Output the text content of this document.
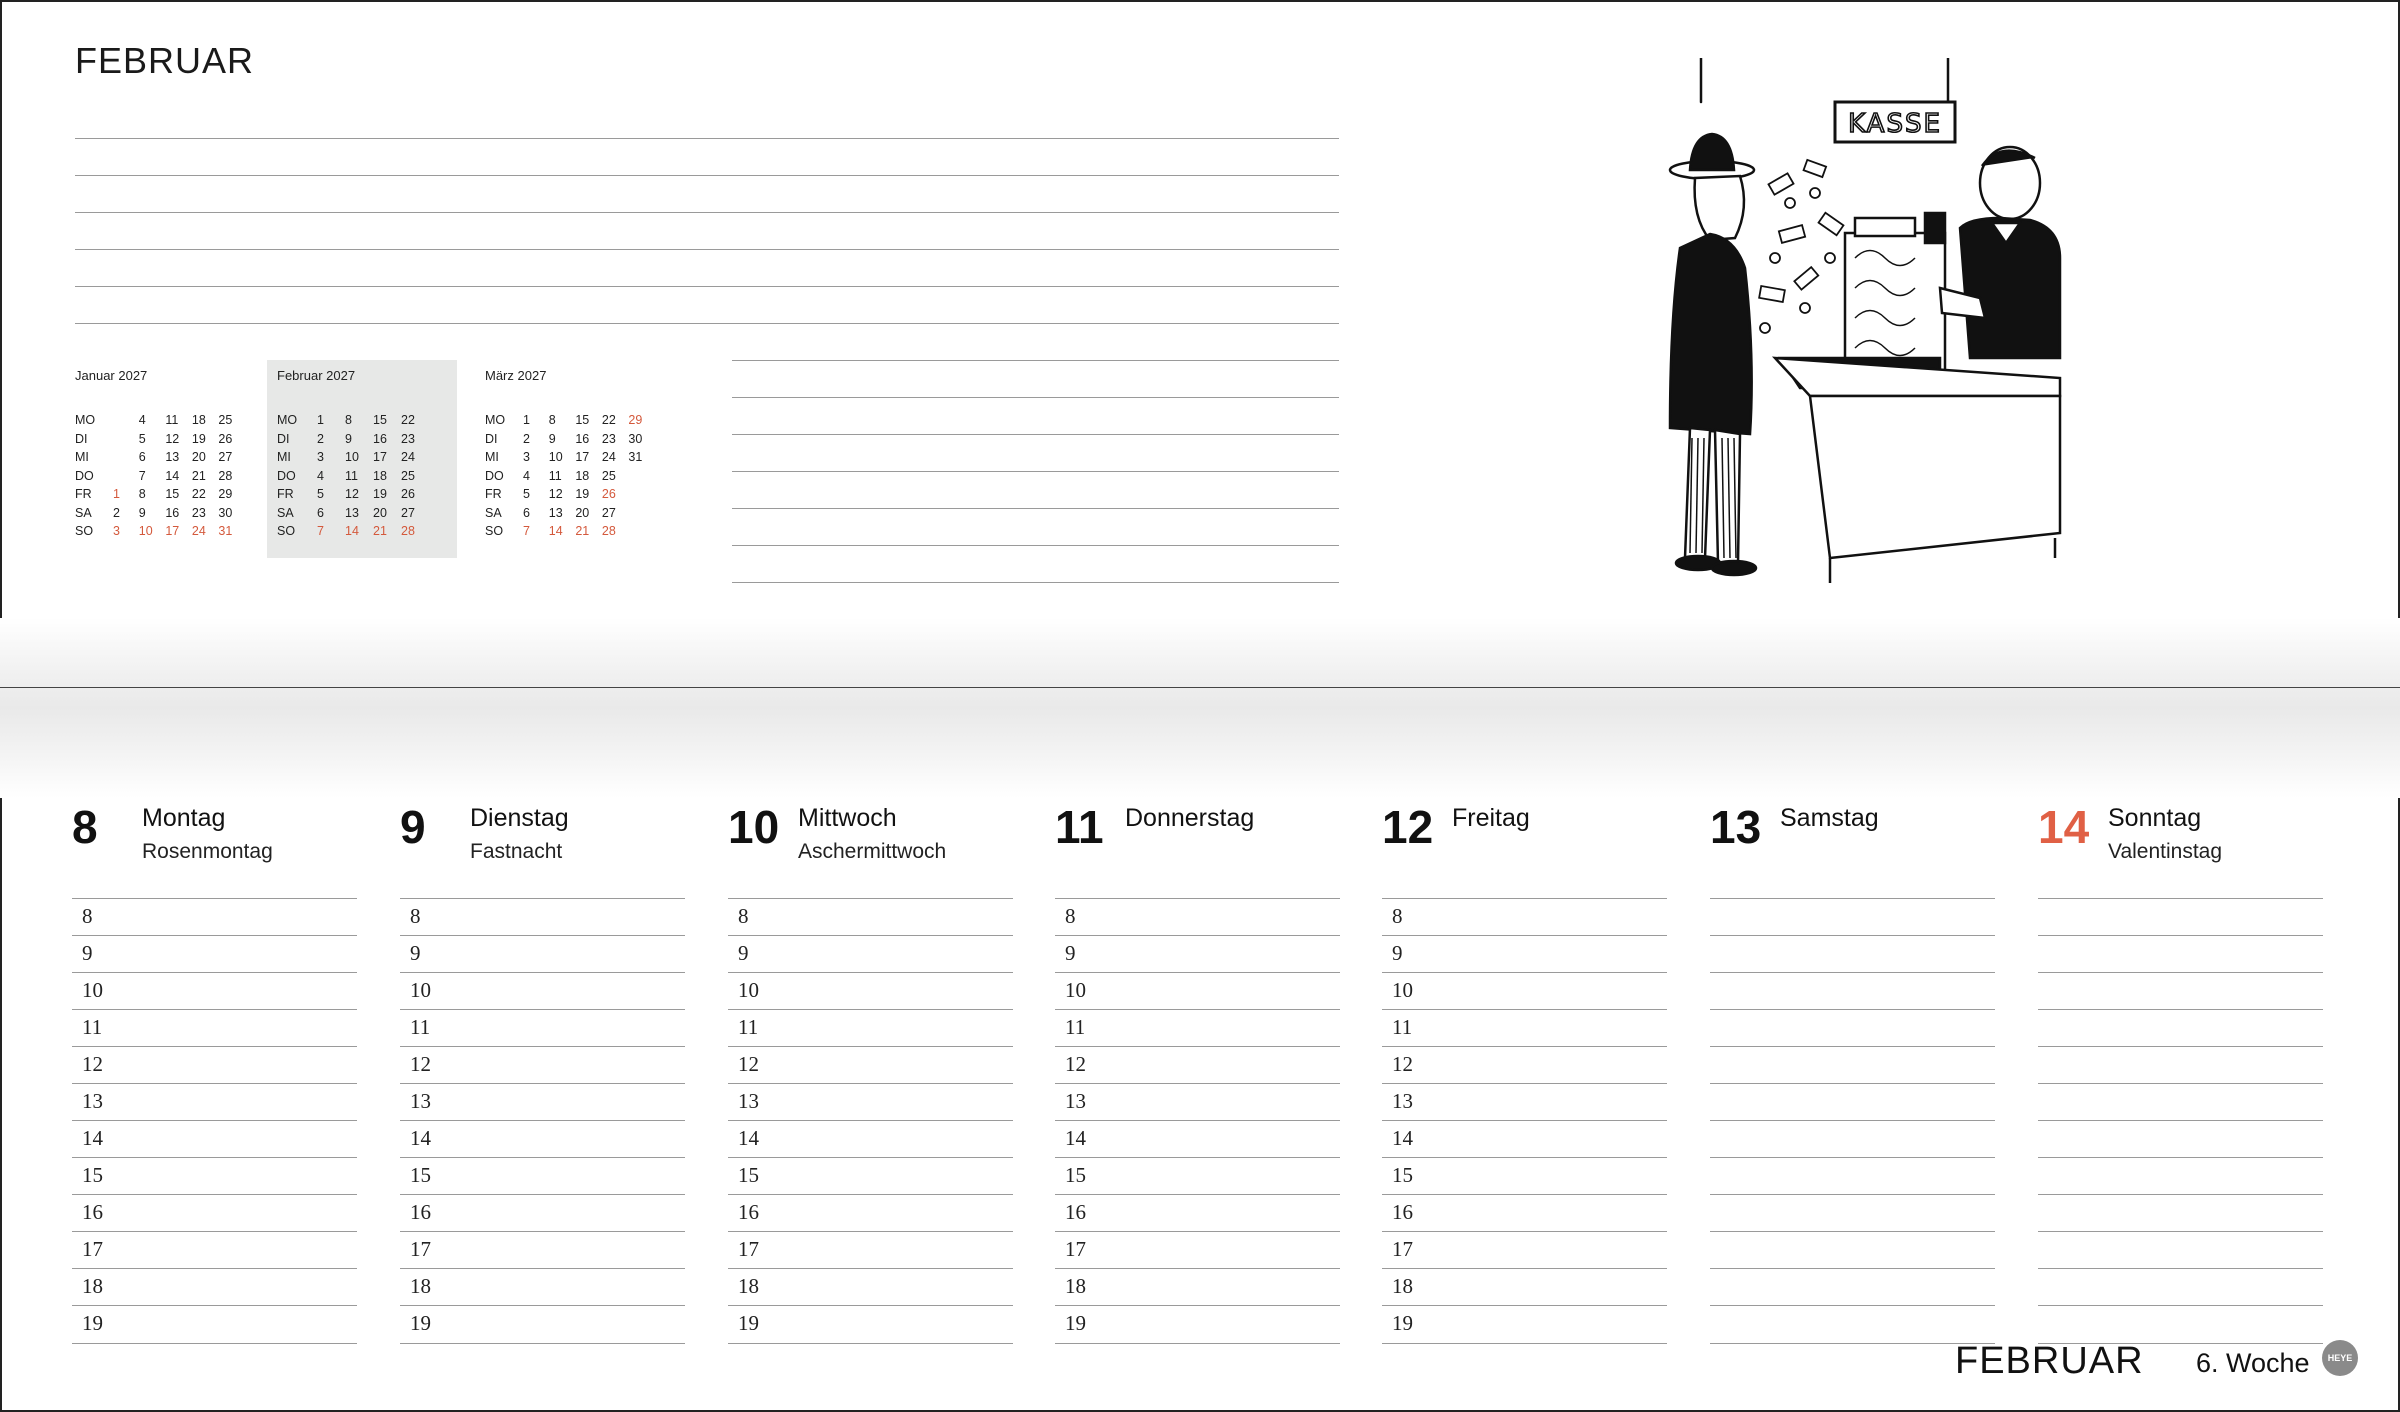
FEBRUAR
Januar 2027
MO		4	11	18	25
DI		5	12	19	26
MI		6	13	20	27
DO		7	14	21	28
FR	1	8	15	22	29
SA	2	9	16	23	30
SO	3	10	17	24	31
Februar 2027
MO	1	8	15	22
DI	2	9	16	23
MI	3	10	17	24
DO	4	11	18	25
FR	5	12	19	26
SA	6	13	20	27
SO	7	14	21	28
März 2027
MO	1	8	15	22	29
DI	2	9	16	23	30
MI	3	10	17	24	31
DO	4	11	18	25	
FR	5	12	19	26	
SA	6	13	20	27	
SO	7	14	21	28	
KASSE
8 Montag
Rosenmontag
8
9
10
11
12
13
14
15
16
17
18
19
9 Dienstag
Fastnacht
8
9
10
11
12
13
14
15
16
17
18
19
10 Mittwoch
Aschermittwoch
8
9
10
11
12
13
14
15
16
17
18
19
11 Donnerstag
8
9
10
11
12
13
14
15
16
17
18
19
12 Freitag
8
9
10
11
12
13
14
15
16
17
18
19
13 Samstag	14 Sonntag
Valentinstag
FEBRUAR 6. Woche	HEYE
